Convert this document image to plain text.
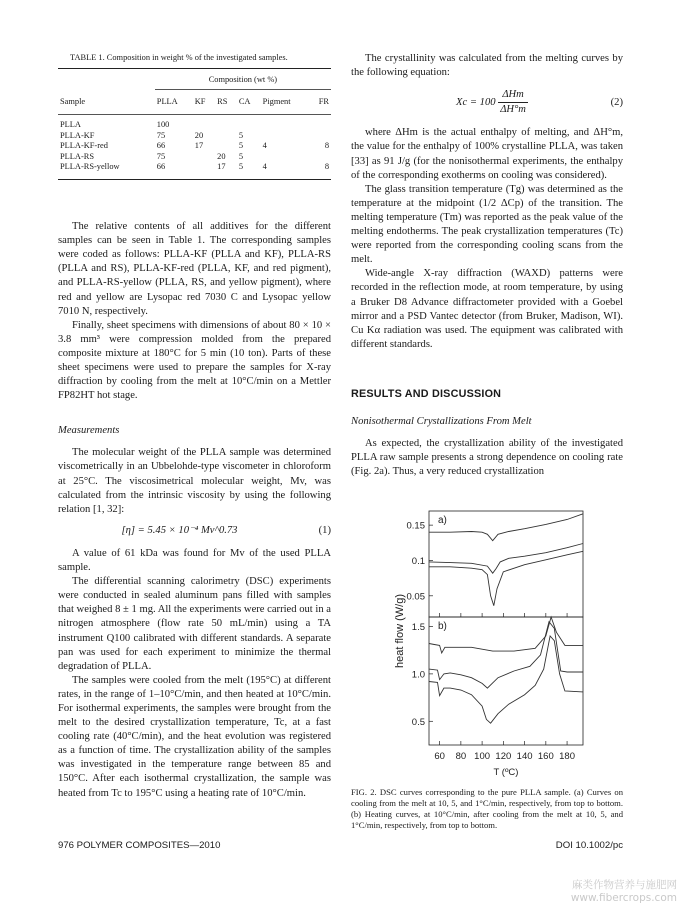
TABLE 1. Composition in weight % of the investigated samples.

	Composition (wt %)					

Sample	PLLA	KF	RS	CA	Pigment	FR

PLLA	100					
PLLA-KF	75	20		5		
PLLA-KF-red	66	17		5	4	8
PLLA-RS	75		20	5		
PLLA-RS-yellow	66		17	5	4	8

The relative contents of all additives for the different samples can be seen in Table 1. The corresponding samples were coded as follows: PLLA-KF (PLLA and KF), PLLA-RS (PLLA and RS), PLLA-KF-red (PLLA, KF, and red pigment), and PLLA-RS-yellow (PLLA, RS, and yellow pigment), where red and yellow are Lysopac red 7030 C and Lysopac yellow 7010 N, respectively.

Finally, sheet specimens with dimensions of about 80 × 10 × 3.8 mm³ were compression molded from the prepared composite mixture at 180°C for 5 min (10 ton). Parts of these sheet specimens were used to prepare the samples for X-ray diffraction by cooling from the melt at 10°C/min on a Mettler FP82HT hot stage.

Measurements

The molecular weight of the PLLA sample was determined viscometrically in an Ubbelohde-type viscometer in chloroform at 25°C. The viscosimetrical molecular weight, Mv, was calculated from the intrinsic viscosity by using the following relation [1, 32]:

[η] = 5.45 × 10⁻⁴ Mv^0.73	(1)

A value of 61 kDa was found for Mv of the used PLLA sample.

The differential scanning calorimetry (DSC) experiments were conducted in sealed aluminum pans filled with samples that weighed 8 ± 1 mg. All the experiments were carried out in a nitrogen atmosphere (flow rate 50 mL/min) using a TA instrument Q100 calibrated with different standards. A separate pan was used for each experiment to minimize the thermal degradation of PLLA.

The samples were cooled from the melt (195°C) at different rates, in the range of 1–10°C/min, and then heated at 10°C/min. For isothermal experiments, the samples were brought from the melt to the desired crystallization temperature, Tc, at a fast cooling rate (40°C/min), and the heat evolution was registered as a function of time. The crystallization ability of the samples was investigated in the temperature range between 85 and 150°C. After each isothermal crystallization, the sample was heated from Tc to 195°C using a heating rate of 10°C/min.

The crystallinity was calculated from the melting curves by the following equation:

$Xc = 100 \frac{\text{ΔHm}}{\Delta H^\circ m}$	(2)

where ΔHm is the actual enthalpy of melting, and ΔH°m, the value for the enthalpy of 100% crystalline PLLA, was taken [33] as 91 J/g (for the nonisothermal experiments, the enthalpy of the corresponding exotherms on cooling was considered).

The glass transition temperature (Tg) was determined as the temperature at the midpoint (1/2 ΔCp) of the transition. The melting temperature (Tm) was reported as the peak value of the melting endotherms. The peak crystallization temperatures (Tc) were reported from the corresponding cooling scans from the melt.

Wide-angle X-ray diffraction (WAXD) patterns were recorded in the reflection mode, at room temperature, by using a Bruker D8 Advance diffractometer provided with a Goebel mirror and a PSD Vantec detector (from Bruker, Madison, WI). Cu Kα radiation was used. The equipment was calibrated with different standards.

RESULTS AND DISCUSSION
Nonisothermal Crystallizations From Melt

As expected, the crystallization ability of the investigated PLLA raw sample presents a strong dependence on cooling rate (Fig. 2a). Thus, a very reduced crystallization

0.15
0.1
0.05
a)
1.5
1.0
0.5
b)
60 80 100 120 140 160 180
T (ºC)
heat flow (W/g)
FIG. 2. DSC curves corresponding to the pure PLLA sample. (a) Curves on cooling from the melt at 10, 5, and 1°C/min, respectively, from top to bottom. (b) Heating curves, at 10°C/min, after cooling from the melt at 10, 5, and 1°C/min, respectively, from top to bottom.
976 POLYMER COMPOSITES—2010	DOI 10.1002/pc
麻类作物营养与施肥网
www.fibercrops.com
